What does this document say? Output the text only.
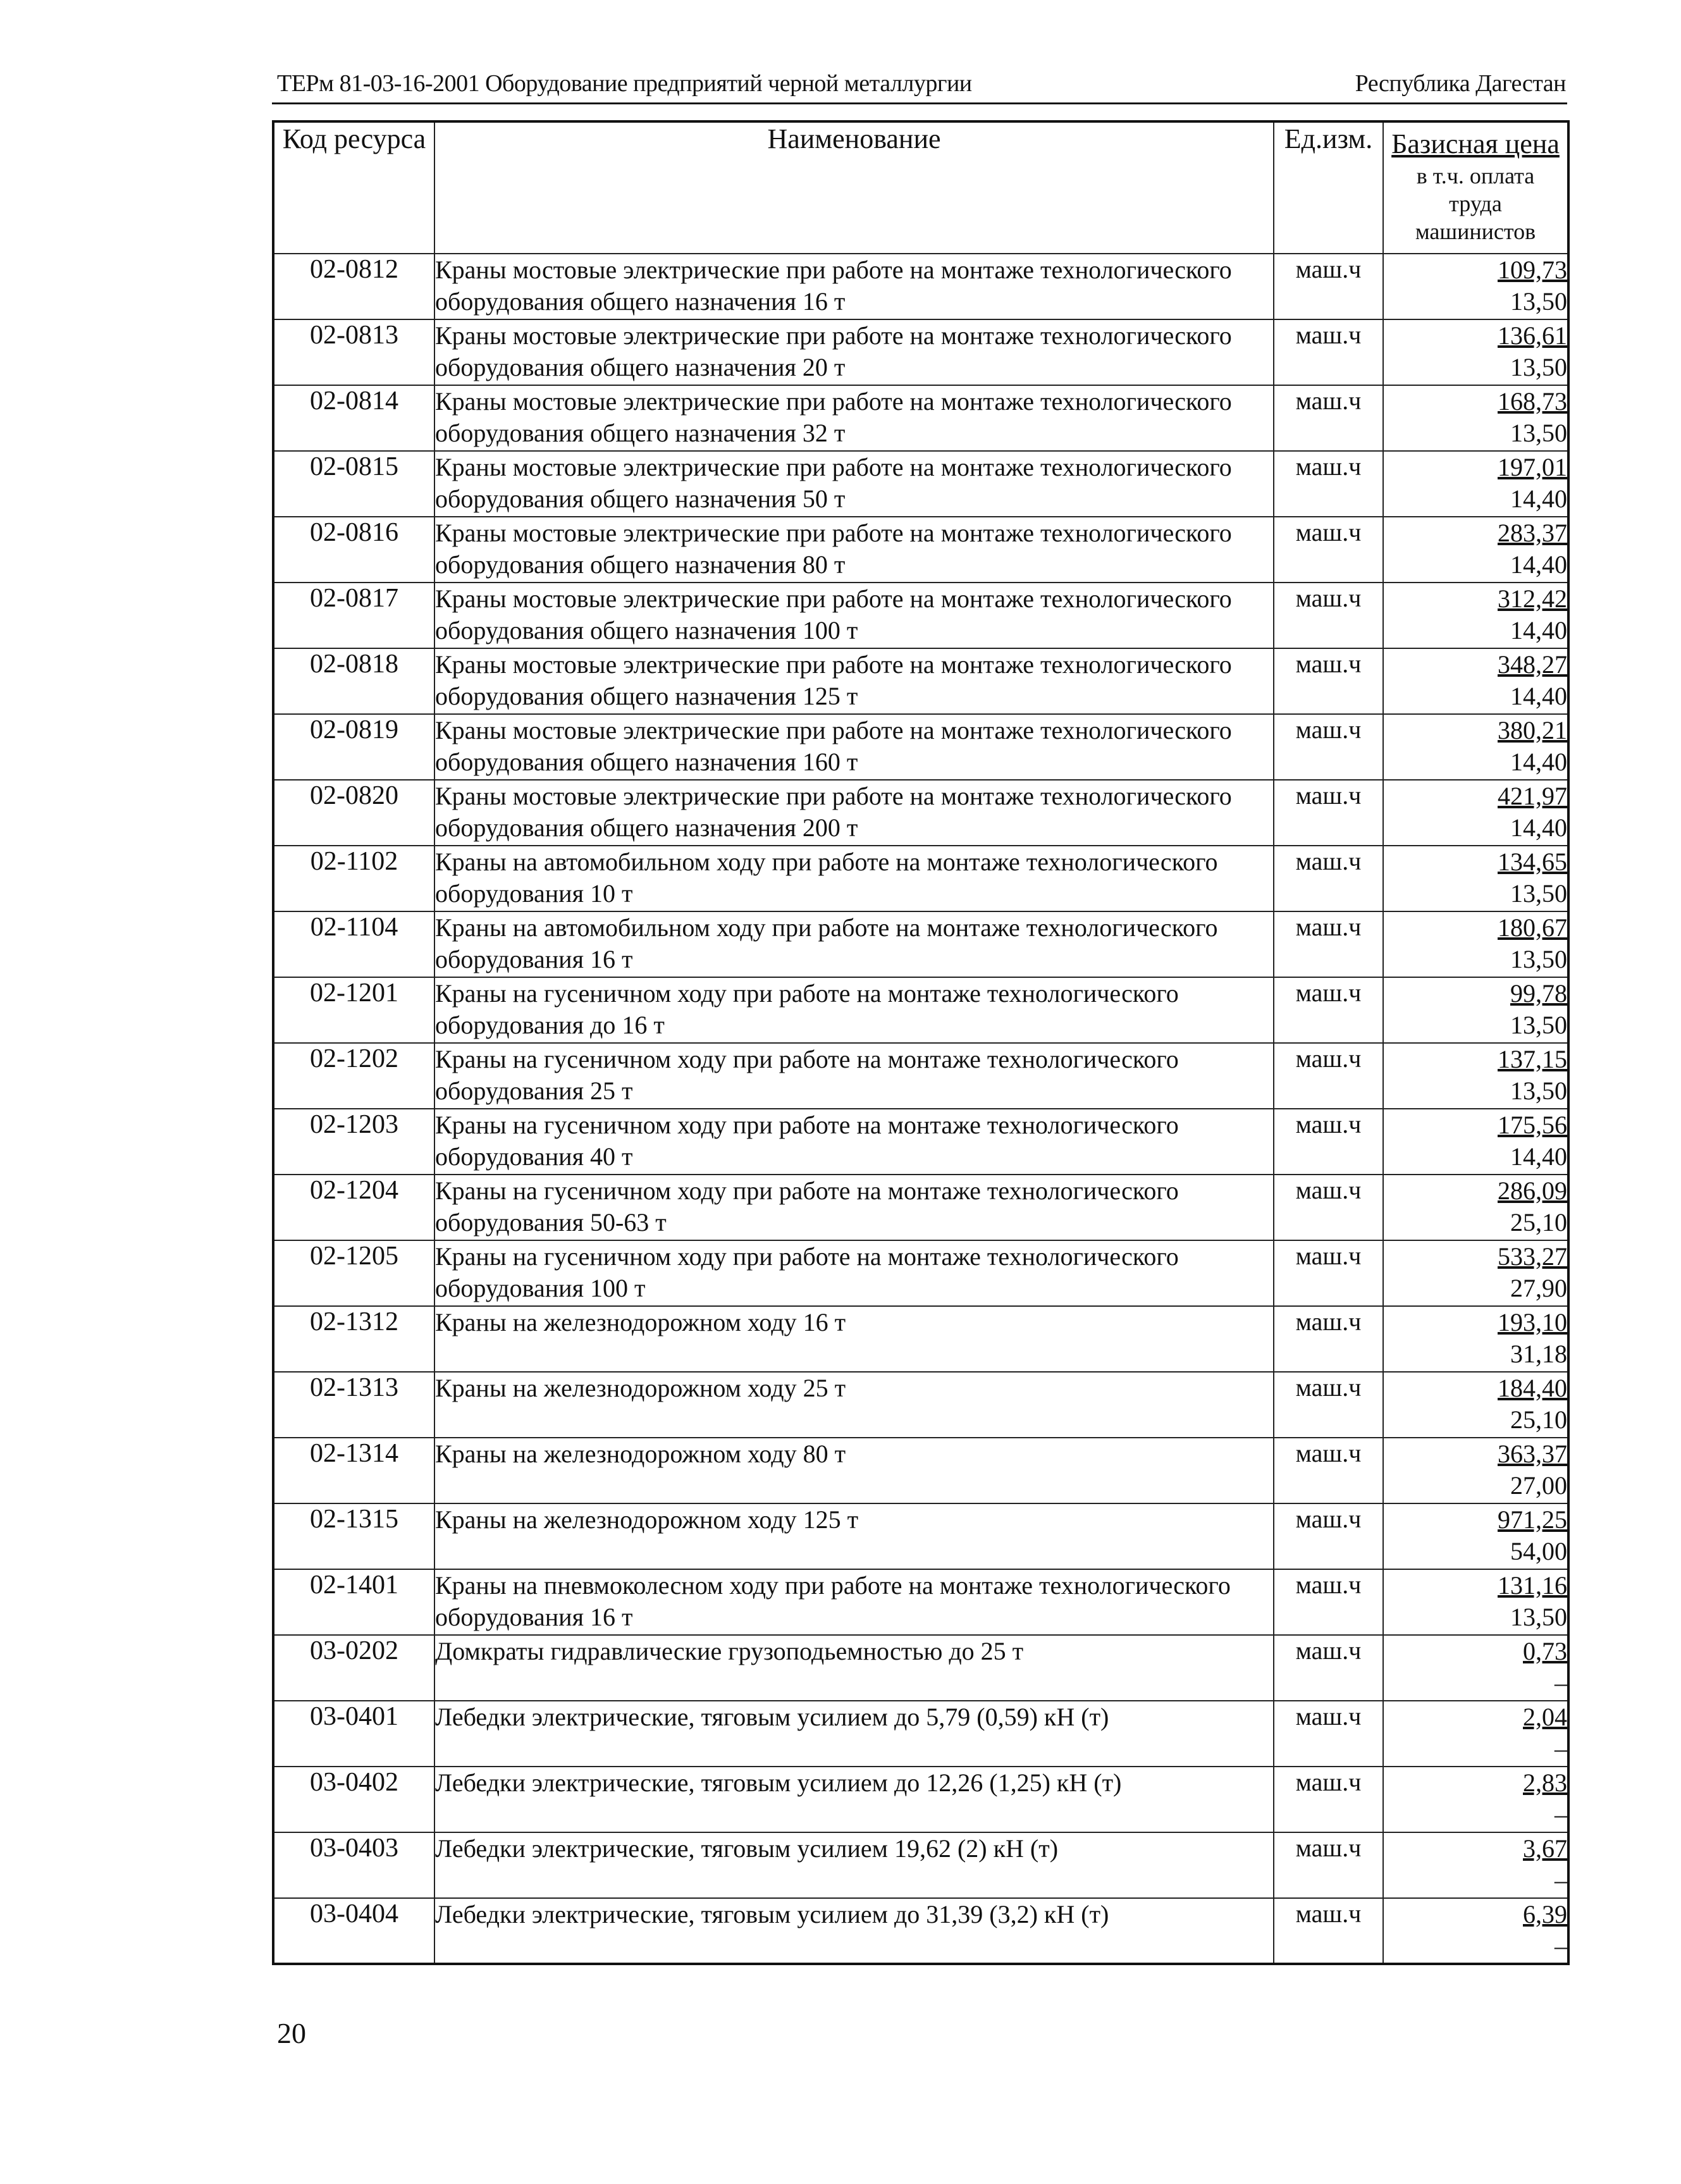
ТЕРм 81-03-16-2001 Оборудование предприятий черной металлургии	Республика Дагестан
Код ресурса	Наименование	Ед.изм.	Базисная цена
в т.ч. оплата труда машинистов

02-0812	Краны мостовые электрические при работе на монтаже технологического оборудования общего назначения 16 т	маш.ч	109,73
13,50

02-0813	Краны мостовые электрические при работе на монтаже технологического оборудования общего назначения 20 т	маш.ч	136,61
13,50

02-0814	Краны мостовые электрические при работе на монтаже технологического оборудования общего назначения 32 т	маш.ч	168,73
13,50

02-0815	Краны мостовые электрические при работе на монтаже технологического оборудования общего назначения 50 т	маш.ч	197,01
14,40

02-0816	Краны мостовые электрические при работе на монтаже технологического оборудования общего назначения 80 т	маш.ч	283,37
14,40

02-0817	Краны мостовые электрические при работе на монтаже технологического оборудования общего назначения 100 т	маш.ч	312,42
14,40

02-0818	Краны мостовые электрические при работе на монтаже технологического оборудования общего назначения 125 т	маш.ч	348,27
14,40

02-0819	Краны мостовые электрические при работе на монтаже технологического оборудования общего назначения 160 т	маш.ч	380,21
14,40

02-0820	Краны мостовые электрические при работе на монтаже технологического оборудования общего назначения 200 т	маш.ч	421,97
14,40

02-1102	Краны на автомобильном ходу при работе на монтаже технологического оборудования 10 т	маш.ч	134,65
13,50

02-1104	Краны на автомобильном ходу при работе на монтаже технологического оборудования 16 т	маш.ч	180,67
13,50

02-1201	Краны на гусеничном ходу при работе на монтаже технологического оборудования до 16 т	маш.ч	99,78
13,50

02-1202	Краны на гусеничном ходу при работе на монтаже технологического оборудования 25 т	маш.ч	137,15
13,50

02-1203	Краны на гусеничном ходу при работе на монтаже технологического оборудования 40 т	маш.ч	175,56
14,40

02-1204	Краны на гусеничном ходу при работе на монтаже технологического оборудования 50-63 т	маш.ч	286,09
25,10

02-1205	Краны на гусеничном ходу при работе на монтаже технологического оборудования 100 т	маш.ч	533,27
27,90

02-1312	Краны на железнодорожном ходу 16 т	маш.ч	193,10
31,18

02-1313	Краны на железнодорожном ходу 25 т	маш.ч	184,40
25,10

02-1314	Краны на железнодорожном ходу 80 т	маш.ч	363,37
27,00

02-1315	Краны на железнодорожном ходу 125 т	маш.ч	971,25
54,00

02-1401	Краны на пневмоколесном ходу при работе на монтаже технологического оборудования 16 т	маш.ч	131,16
13,50

03-0202	Домкраты гидравлические грузоподьемностью до 25 т	маш.ч	0,73
–

03-0401	Лебедки электрические, тяговым усилием до 5,79 (0,59) кН (т)	маш.ч	2,04
–

03-0402	Лебедки электрические, тяговым усилием до 12,26 (1,25) кН (т)	маш.ч	2,83
–

03-0403	Лебедки электрические, тяговым усилием 19,62 (2) кН (т)	маш.ч	3,67
–

03-0404	Лебедки электрические, тяговым усилием до 31,39 (3,2) кН (т)	маш.ч	6,39
–
20
